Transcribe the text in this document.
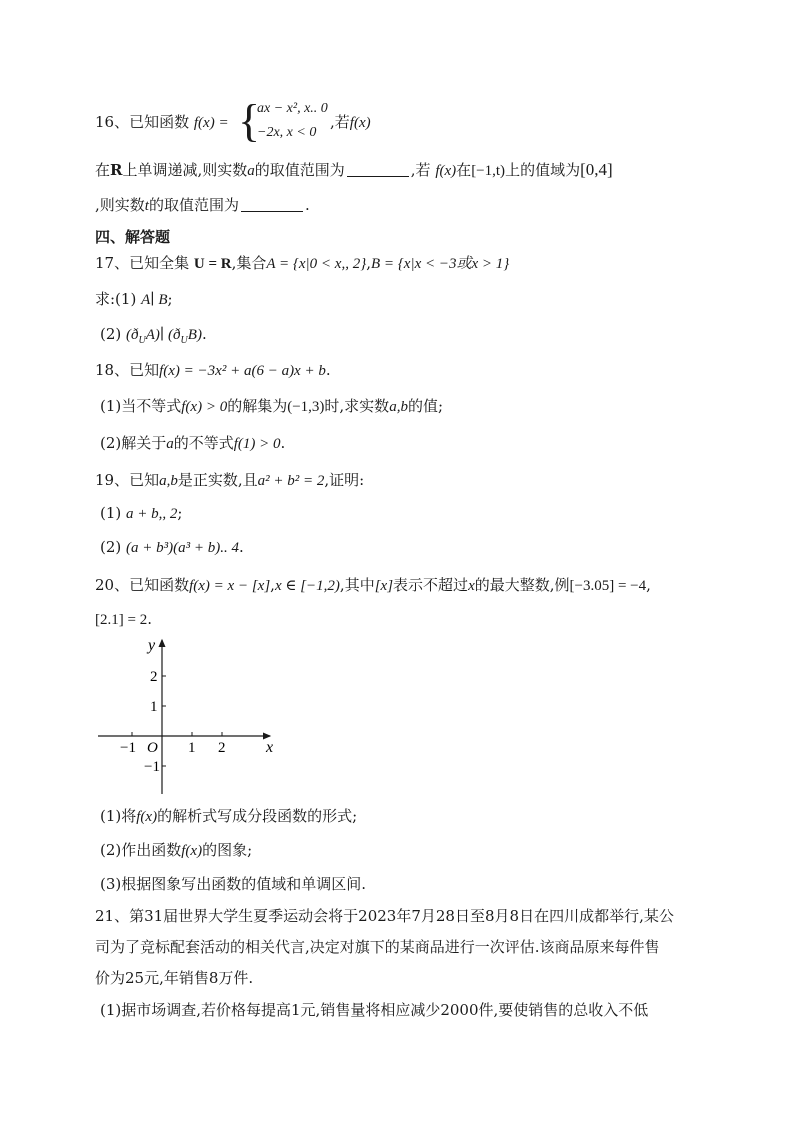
16、已知函数 f(x) = {
ax − x², x.. 0
−2x, x < 0
,若f(x)
在R上单调递减,则实数a的取值范围为	,若 f(x)在[−1,t)上的值域为[0,4]
,则实数t的取值范围为	.
四、解答题
17、已知全集 U = R,集合A = {x|0 < x,, 2},B = {x|x < −3或x > 1}
求:(1) A∣ B;
(2) $(ð_UA)∣$ $(ð_UB)$.
18、已知f(x) = −3x² + a(6 − a)x + b.
(1)当不等式f(x) > 0的解集为(−1,3)时,求实数a,b的值;
(2)解关于a的不等式f(1) > 0.
19、已知a,b是正实数,且a² + b² = 2,证明:
(1) a + b,, 2;
(2) (a + b³)(a³ + b).. 4.
20、已知函数f(x) = x − [x],x ∈ [−1,2),其中[x]表示不超过x的最大整数,例[−3.05] = −4,
[2.1] = 2.
y
x
O
−1	1 2
2
1
−1
(1)将f(x)的解析式写成分段函数的形式;
(2)作出函数f(x)的图象;
(3)根据图象写出函数的值域和单调区间.
21、第31届世界大学生夏季运动会将于2023年7月28日至8月8日在四川成都举行,某公
司为了竞标配套活动的相关代言,决定对旗下的某商品进行一次评估.该商品原来每件售
价为25元,年销售8万件.
(1)据市场调查,若价格每提高1元,销售量将相应减少2000件,要使销售的总收入不低
